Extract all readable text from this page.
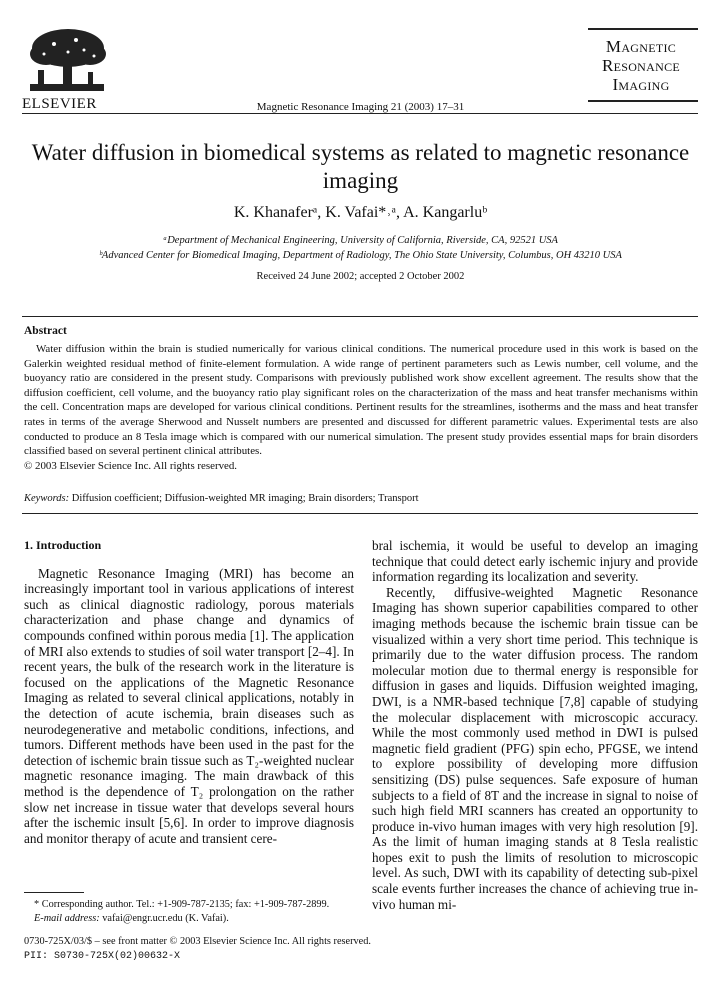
ELSEVIER	Magnetic Resonance Imaging 21 (2003) 17–31
Magnetic
Resonance
Imaging
Water diffusion in biomedical systems as related to magnetic resonance imaging
K. Khanaferᵃ, K. Vafai*˒ᵃ, A. Kangarluᵇ
ᵃDepartment of Mechanical Engineering, University of California, Riverside, CA, 92521 USA
ᵇAdvanced Center for Biomedical Imaging, Department of Radiology, The Ohio State University, Columbus, OH 43210 USA
Received 24 June 2002; accepted 2 October 2002
Abstract
Water diffusion within the brain is studied numerically for various clinical conditions. The numerical procedure used in this work is based on the Galerkin weighted residual method of finite-element formulation. A wide range of pertinent parameters such as Lewis number, cell volume, and the buoyancy ratio are considered in the present study. Comparisons with previously published work show excellent agreement. The results show that the diffusion coefficient, cell volume, and the buoyancy ratio play significant roles on the characterization of the mass and heat transfer mechanisms within the cell. Concentration maps are developed for various clinical conditions. Pertinent results for the streamlines, isotherms and the mass and heat transfer rates in terms of the average Sherwood and Nusselt numbers are presented and discussed for different parametric values. Experimental tests are also conducted to produce an 8 Tesla image which is compared with our numerical simulation. The present study provides essential maps for brain disorders classified based on several pertinent clinical attributes.
© 2003 Elsevier Science Inc. All rights reserved.
Keywords: Diffusion coefficient; Diffusion-weighted MR imaging; Brain disorders; Transport
1. Introduction

Magnetic Resonance Imaging (MRI) has become an increasingly important tool in various applications of interest such as clinical diagnostic radiology, porous materials characterization and phase change and dynamics of compounds confined within porous media [1]. The application of MRI also extends to studies of soil water transport [2–4]. In recent years, the bulk of the research work in the literature is focused on the applications of the Magnetic Resonance Imaging as related to several clinical applications, notably in the detection of acute ischemia, brain diseases such as neurodegenerative and metabolic conditions, infections, and tumors. Different methods have been used in the past for the detection of ischemic brain tissue such as T₂-weighted nuclear magnetic resonance imaging. The main drawback of this method is the dependence of T₂ prolongation on the rather slow net increase in tissue water that develops several hours after the ischemic insult [5,6]. In order to improve diagnosis and monitor therapy of acute and transient cere-

bral ischemia, it would be useful to develop an imaging technique that could detect early ischemic injury and provide information regarding its localization and severity.

Recently, diffusive-weighted Magnetic Resonance Imaging has shown superior capabilities compared to other imaging methods because the ischemic brain tissue can be visualized within a very short time period. This technique is primarily due to the water diffusion process. The random molecular motion due to thermal energy is responsible for diffusion in gases and liquids. Diffusion weighted imaging, DWI, is a NMR-based technique [7,8] capable of studying the molecular displacement with microscopic accuracy. While the most commonly used method in DWI is pulsed magnetic field gradient (PFG) spin echo, PFGSE, we intend to explore possibility of developing more diffusion sensitizing (DS) pulse sequences. Safe exposure of human subjects to a field of 8T and the increase in signal to noise of such high field MRI scanners has created an opportunity to produce in-vivo human images with very high resolution [9]. As the limit of human imaging stands at 8 Tesla realistic hopes exit to push the limits of resolution to microscopic level. As such, DWI with its capability of detecting sub-pixel scale events further increases the chance of achieving true in-vivo human mi-

* Corresponding author. Tel.: +1-909-787-2135; fax: +1-909-787-2899.
E-mail address: vafai@engr.ucr.edu (K. Vafai).
0730-725X/03/$ – see front matter © 2003 Elsevier Science Inc. All rights reserved.
PII: S0730-725X(02)00632-X
